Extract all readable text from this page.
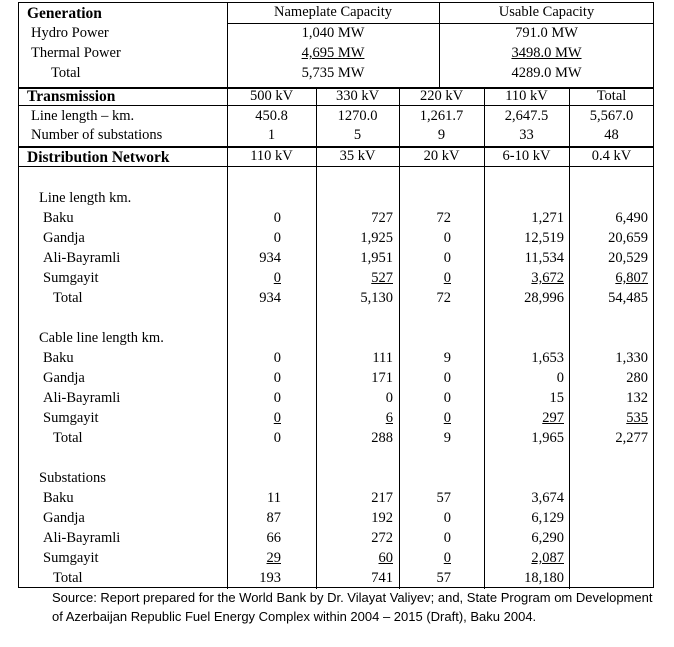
Generation	Nameplate Capacity	Usable Capacity
Hydro Power	1,040 MW	791.0 MW
Thermal Power	4,695 MW	3498.0 MW
Total	5,735 MW	4289.0 MW
Transmission	500 kV	330 kV	220 kV	110 kV	Total
Line length – km.	450.8	1270.0	1,261.7	2,647.5	5,567.0
Number of substations	1	5	9	33	48
Distribution Network	110 kV	35 kV	20 kV	6-10 kV	0.4 kV
Line length km.
Baku	0	727	72	1,271	6,490
Gandja	0	1,925	0	12,519	20,659
Ali-Bayramli	934	1,951	0	11,534	20,529
Sumgayit	0	527	0	3,672	6,807
Total	934	5,130	72	28,996	54,485
Cable line length km.
Baku	0	111	9	1,653	1,330
Gandja	0	171	0	0	280
Ali-Bayramli	0	0	0	15	132
Sumgayit	0	6	0	297	535
Total	0	288	9	1,965	2,277
Substations
Baku	11	217	57	3,674
Gandja	87	192	0	6,129
Ali-Bayramli	66	272	0	6,290
Sumgayit	29	60	0	2,087
Total	193	741	57	18,180
Source: Report prepared for the World Bank by Dr. Vilayat Valiyev; and, State Program om Development of Azerbaijan Republic Fuel Energy Complex within 2004 – 2015 (Draft), Baku 2004.
